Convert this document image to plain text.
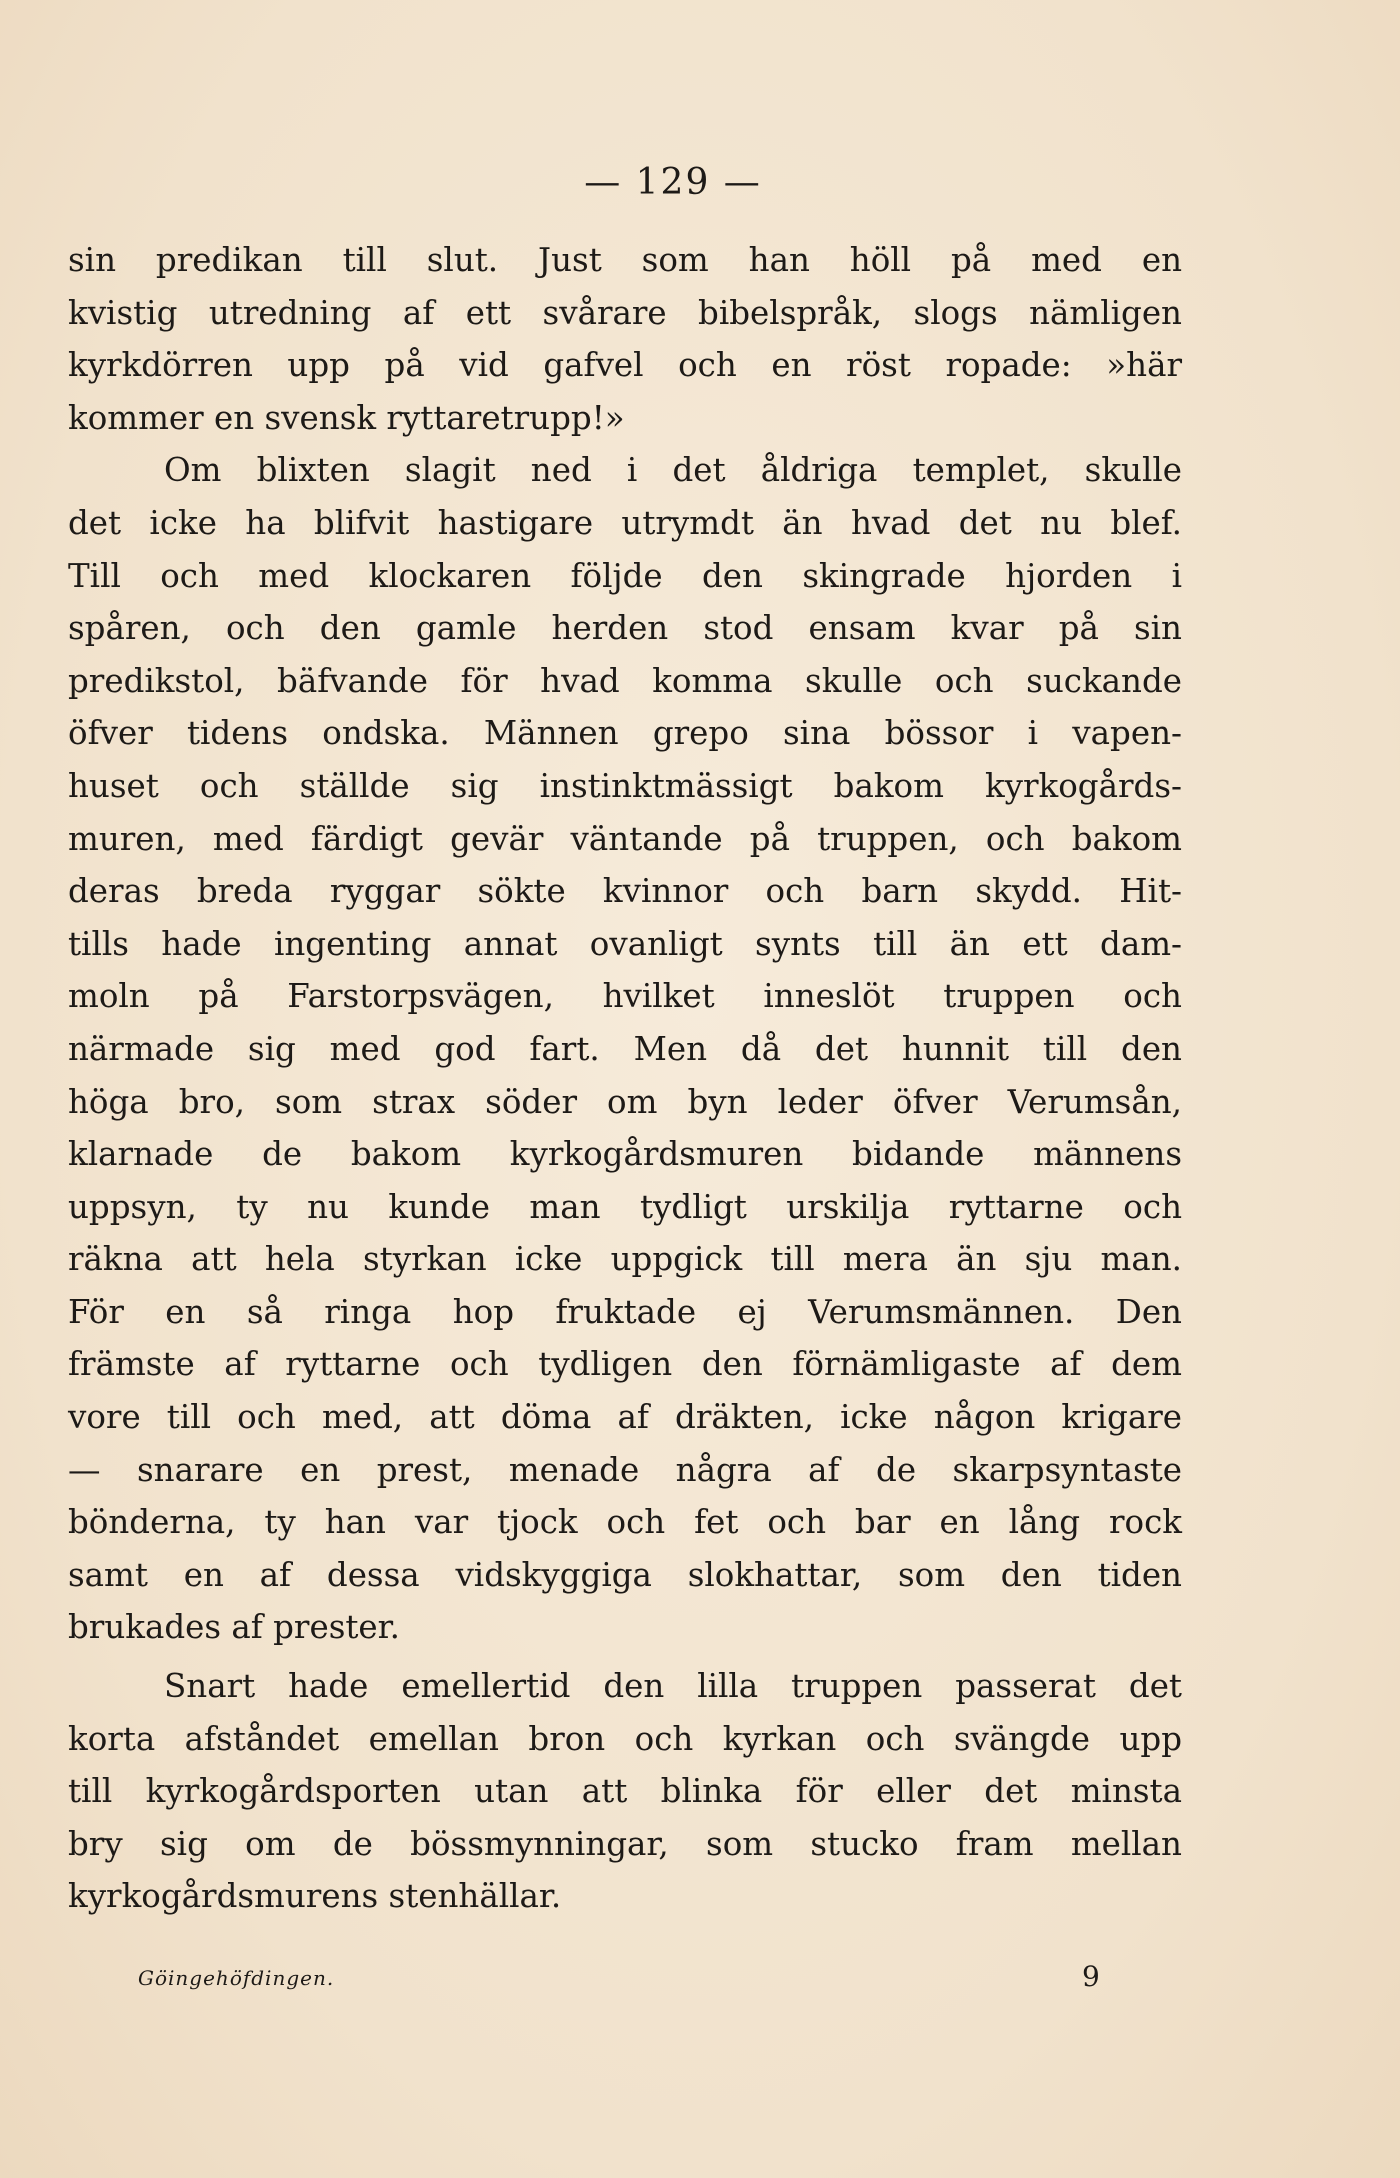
— 129 —
sin predikan till slut. Just som han höll på med en
kvistig utredning af ett svårare bibelspråk, slogs nämligen
kyrkdörren upp på vid gafvel och en röst ropade: »här
kommer en svensk ryttaretrupp!»
Om blixten slagit ned i det åldriga templet, skulle
det icke ha blifvit hastigare utrymdt än hvad det nu blef.
Till och med klockaren följde den skingrade hjorden i
spåren, och den gamle herden stod ensam kvar på sin
predikstol, bäfvande för hvad komma skulle och suckande
öfver tidens ondska. Männen grepo sina bössor i vapen-
huset och ställde sig instinktmässigt bakom kyrkogårds-
muren, med färdigt gevär väntande på truppen, och bakom
deras breda ryggar sökte kvinnor och barn skydd. Hit-
tills hade ingenting annat ovanligt synts till än ett dam-
moln på Farstorpsvägen, hvilket inneslöt truppen och
närmade sig med god fart. Men då det hunnit till den
höga bro, som strax söder om byn leder öfver Verumsån,
klarnade de bakom kyrkogårdsmuren bidande männens
uppsyn, ty nu kunde man tydligt urskilja ryttarne och
räkna att hela styrkan icke uppgick till mera än sju man.
För en så ringa hop fruktade ej Verumsmännen. Den
främste af ryttarne och tydligen den förnämligaste af dem
vore till och med, att döma af dräkten, icke någon krigare
— snarare en prest, menade några af de skarpsyntaste
bönderna, ty han var tjock och fet och bar en lång rock
samt en af dessa vidskyggiga slokhattar, som den tiden
brukades af prester.
Snart hade emellertid den lilla truppen passerat det
korta afståndet emellan bron och kyrkan och svängde upp
till kyrkogårdsporten utan att blinka för eller det minsta
bry sig om de bössmynningar, som stucko fram mellan
kyrkogårdsmurens stenhällar.
Göingehöfdingen.	9
